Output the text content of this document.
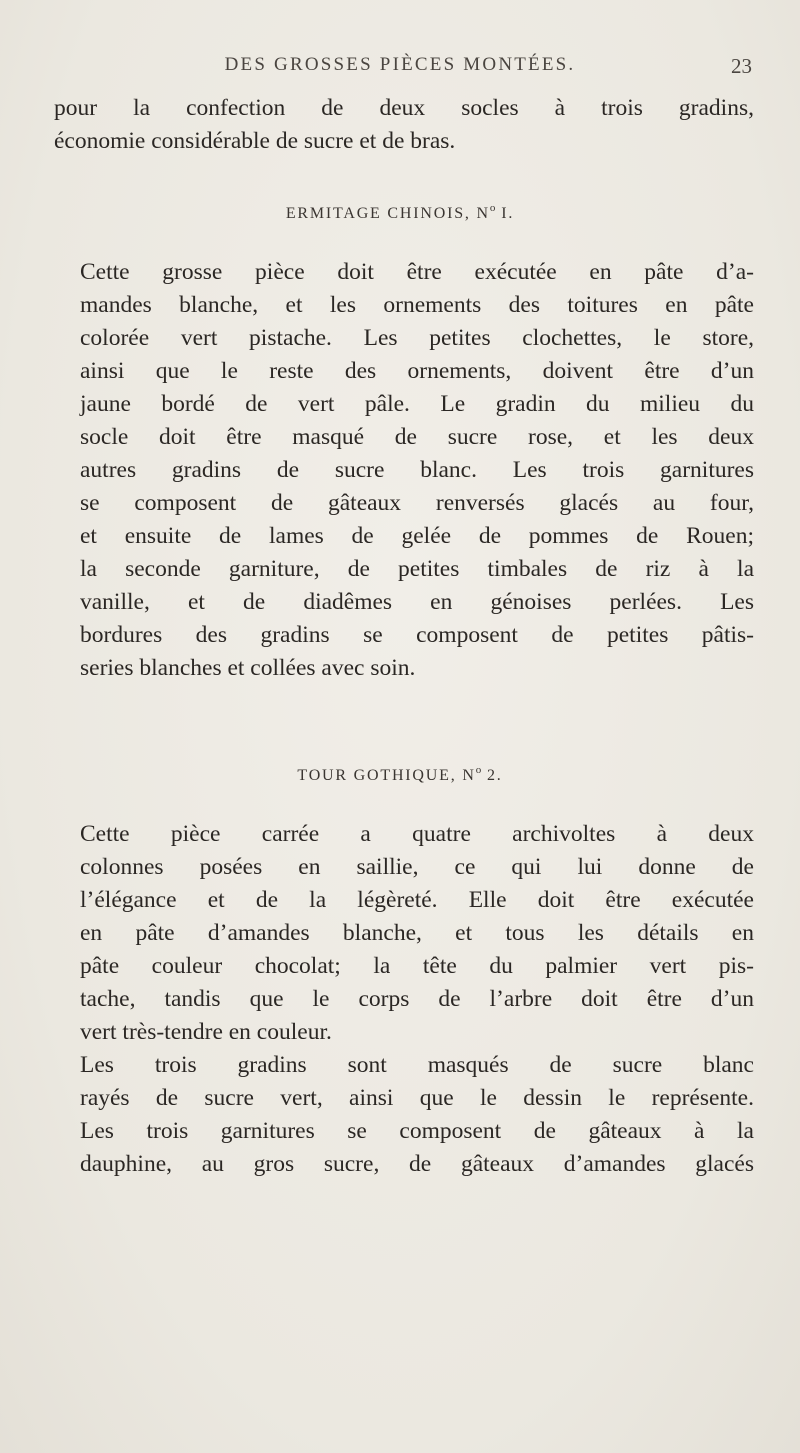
DES GROSSES PIÈCES MONTÉES.	23

pour la confection de deux socles à trois gradins,
économie considérable de sucre et de bras.

ERMITAGE CHINOIS, $N^o$ I.

Cette grosse pièce doit être exécutée en pâte d’a-
mandes blanche, et les ornements des toitures en pâte
colorée vert pistache. Les petites clochettes, le store,
ainsi que le reste des ornements, doivent être d’un
jaune bordé de vert pâle. Le gradin du milieu du
socle doit être masqué de sucre rose, et les deux
autres gradins de sucre blanc. Les trois garnitures
se composent de gâteaux renversés glacés au four,
et ensuite de lames de gelée de pommes de Rouen;
la seconde garniture, de petites timbales de riz à la
vanille, et de diadêmes en génoises perlées. Les
bordures des gradins se composent de petites pâtis-
series blanches et collées avec soin.

TOUR GOTHIQUE, $N^o$ 2.

Cette pièce carrée a quatre archivoltes à deux
colonnes posées en saillie, ce qui lui donne de
l’élégance et de la légèreté. Elle doit être exécutée
en pâte d’amandes blanche, et tous les détails en
pâte couleur chocolat; la tête du palmier vert pis-
tache, tandis que le corps de l’arbre doit être d’un
vert très-tendre en couleur.

Les trois gradins sont masqués de sucre blanc
rayés de sucre vert, ainsi que le dessin le représente.
Les trois garnitures se composent de gâteaux à la
dauphine, au gros sucre, de gâteaux d’amandes glacés
